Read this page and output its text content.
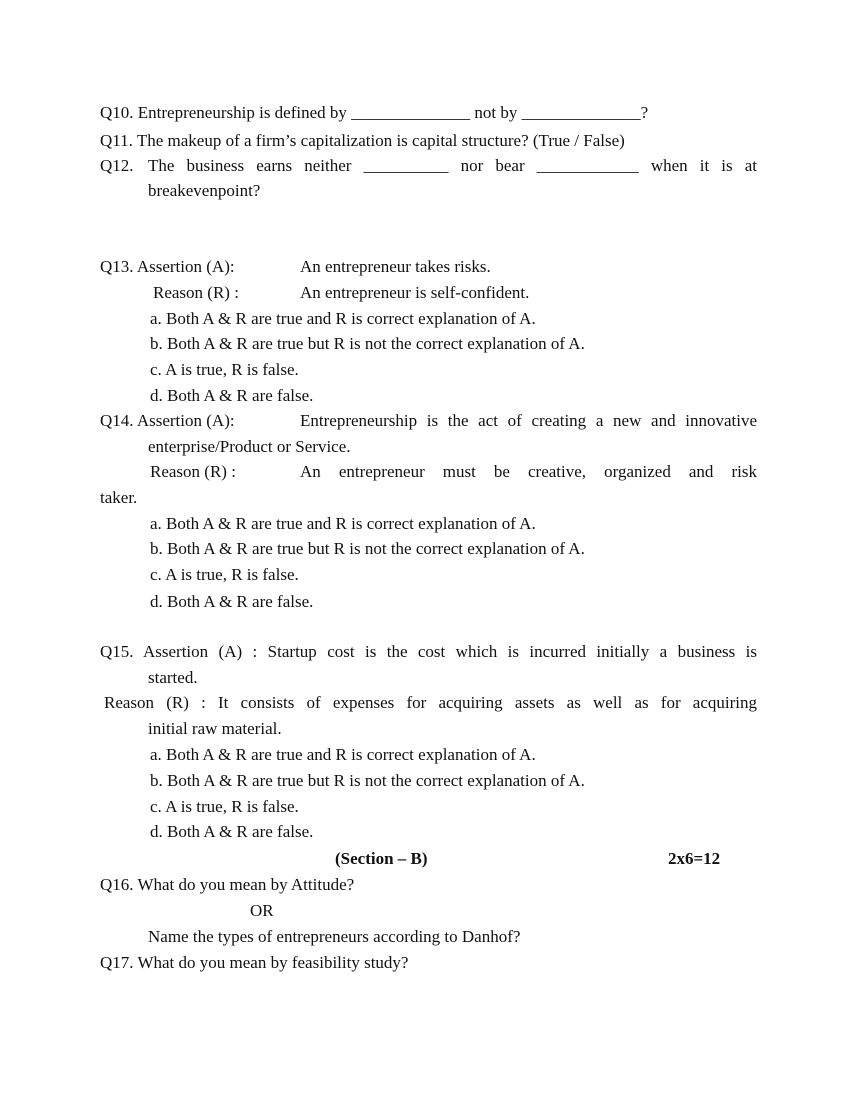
Q10. Entrepreneurship is defined by ______________ not by ______________?
Q11. The makeup of a firm’s capitalization is capital structure? (True / False)
Q12. The business earns neither __________ nor bear ____________ when it is at
breakevenpoint?
Q13. Assertion (A):	An entrepreneur takes risks.
Reason (R) :	An entrepreneur is self-confident.
a. Both A & R are true and R is correct explanation of A.
b. Both A & R are true but R is not the correct explanation of A.
c. A is true, R is false.
d. Both A & R are false.
Q14. Assertion (A):	Entrepreneurship is the act of creating a new and innovative
enterprise/Product or Service.
Reason (R) :	An entrepreneur must be creative, organized and risk
taker.
a. Both A & R are true and R is correct explanation of A.
b. Both A & R are true but R is not the correct explanation of A.
c. A is true, R is false.
d. Both A & R are false.
Q15. Assertion (A) : Startup cost is the cost which is incurred initially a business is
started.
Reason (R) : It consists of expenses for acquiring assets as well as for acquiring
initial raw material.
a. Both A & R are true and R is correct explanation of A.
b. Both A & R are true but R is not the correct explanation of A.
c. A is true, R is false.
d. Both A & R are false.
(Section – B)	2x6=12
Q16. What do you mean by Attitude?
OR
Name the types of entrepreneurs according to Danhof?
Q17. What do you mean by feasibility study?
